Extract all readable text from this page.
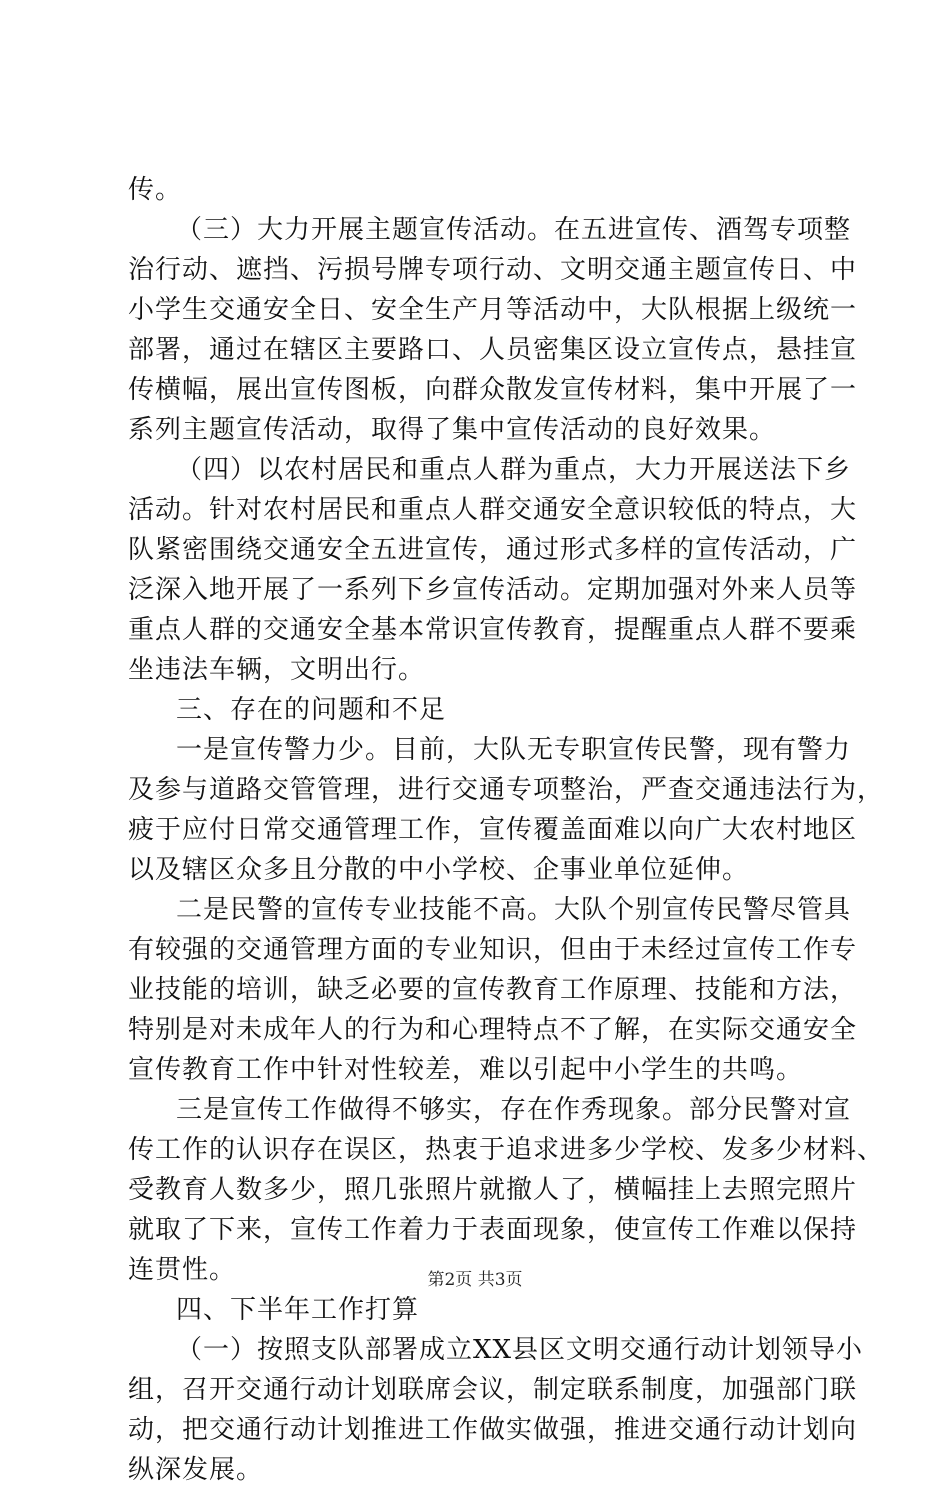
传。
（三）大力开展主题宣传活动。在五进宣传、酒驾专项整
治行动、遮挡、污损号牌专项行动、文明交通主题宣传日、中
小学生交通安全日、安全生产月等活动中，大队根据上级统一
部署，通过在辖区主要路口、人员密集区设立宣传点，悬挂宣
传横幅，展出宣传图板，向群众散发宣传材料，集中开展了一
系列主题宣传活动，取得了集中宣传活动的良好效果。
（四）以农村居民和重点人群为重点，大力开展送法下乡
活动。针对农村居民和重点人群交通安全意识较低的特点，大
队紧密围绕交通安全五进宣传，通过形式多样的宣传活动，广
泛深入地开展了一系列下乡宣传活动。定期加强对外来人员等
重点人群的交通安全基本常识宣传教育，提醒重点人群不要乘
坐违法车辆，文明出行。
三、存在的问题和不足
一是宣传警力少。目前，大队无专职宣传民警，现有警力
及参与道路交管管理，进行交通专项整治，严查交通违法行为，
疲于应付日常交通管理工作，宣传覆盖面难以向广大农村地区
以及辖区众多且分散的中小学校、企事业单位延伸。
二是民警的宣传专业技能不高。大队个别宣传民警尽管具
有较强的交通管理方面的专业知识，但由于未经过宣传工作专
业技能的培训，缺乏必要的宣传教育工作原理、技能和方法，
特别是对未成年人的行为和心理特点不了解，在实际交通安全
宣传教育工作中针对性较差，难以引起中小学生的共鸣。
三是宣传工作做得不够实，存在作秀现象。部分民警对宣
传工作的认识存在误区，热衷于追求进多少学校、发多少材料、
受教育人数多少，照几张照片就撤人了，横幅挂上去照完照片
就取了下来，宣传工作着力于表面现象，使宣传工作难以保持
连贯性。
四、下半年工作打算
（一）按照支队部署成立XX县区文明交通行动计划领导小
组，召开交通行动计划联席会议，制定联系制度，加强部门联
动，把交通行动计划推进工作做实做强，推进交通行动计划向
纵深发展。
第2页 共3页
